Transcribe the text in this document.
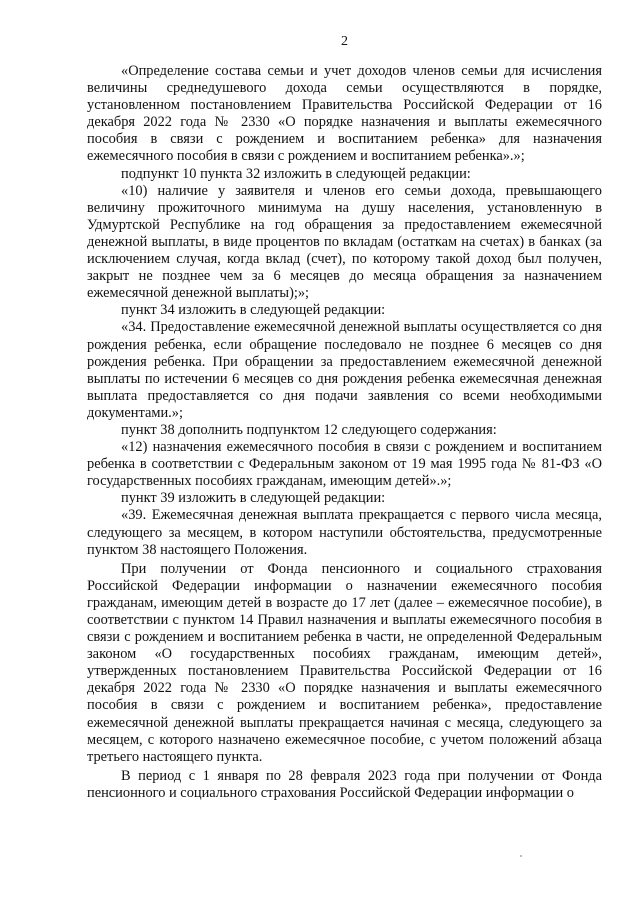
2

«Определение состава семьи и учет доходов членов семьи для исчисления величины среднедушевого дохода семьи осуществляются в порядке, установленном постановлением Правительства Российской Федерации от 16 декабря 2022 года № 2330 «О порядке назначения и выплаты ежемесячного пособия в связи с рождением и воспитанием ребенка» для назначения ежемесячного пособия в связи с рождением и воспитанием ребенка».»;

подпункт 10 пункта 32 изложить в следующей редакции:

«10) наличие у заявителя и членов его семьи дохода, превышающего величину прожиточного минимума на душу населения, установленную в Удмуртской Республике на год обращения за предоставлением ежемесячной денежной выплаты, в виде процентов по вкладам (остаткам на счетах) в банках (за исключением случая, когда вклад (счет), по которому такой доход был получен, закрыт не позднее чем за 6 месяцев до месяца обращения за назначением ежемесячной денежной выплаты);»;

пункт 34 изложить в следующей редакции:

«34. Предоставление ежемесячной денежной выплаты осуществляется со дня рождения ребенка, если обращение последовало не позднее 6 месяцев со дня рождения ребенка. При обращении за предоставлением ежемесячной денежной выплаты по истечении 6 месяцев со дня рождения ребенка ежемесячная денежная выплата предоставляется со дня подачи заявления со всеми необходимыми документами.»;

пункт 38 дополнить подпунктом 12 следующего содержания:

«12) назначения ежемесячного пособия в связи с рождением и воспитанием ребенка в соответствии с Федеральным законом от 19 мая 1995 года № 81-ФЗ «О государственных пособиях гражданам, имеющим детей».»;

пункт 39 изложить в следующей редакции:

«39. Ежемесячная денежная выплата прекращается с первого числа месяца, следующего за месяцем, в котором наступили обстоятельства, предусмотренные пунктом 38 настоящего Положения.

При получении от Фонда пенсионного и социального страхования Российской Федерации информации о назначении ежемесячного пособия гражданам, имеющим детей в возрасте до 17 лет (далее – ежемесячное пособие), в соответствии с пунктом 14 Правил назначения и выплаты ежемесячного пособия в связи с рождением и воспитанием ребенка в части, не определенной Федеральным законом «О государственных пособиях гражданам, имеющим детей», утвержденных постановлением Правительства Российской Федерации от 16 декабря 2022 года № 2330 «О порядке назначения и выплаты ежемесячного пособия в связи с рождением и воспитанием ребенка», предоставление ежемесячной денежной выплаты прекращается начиная с месяца, следующего за месяцем, с которого назначено ежемесячное пособие, с учетом положений абзаца третьего настоящего пункта.

В период с 1 января по 28 февраля 2023 года при получении от Фонда пенсионного и социального страхования Российской Федерации информации о
